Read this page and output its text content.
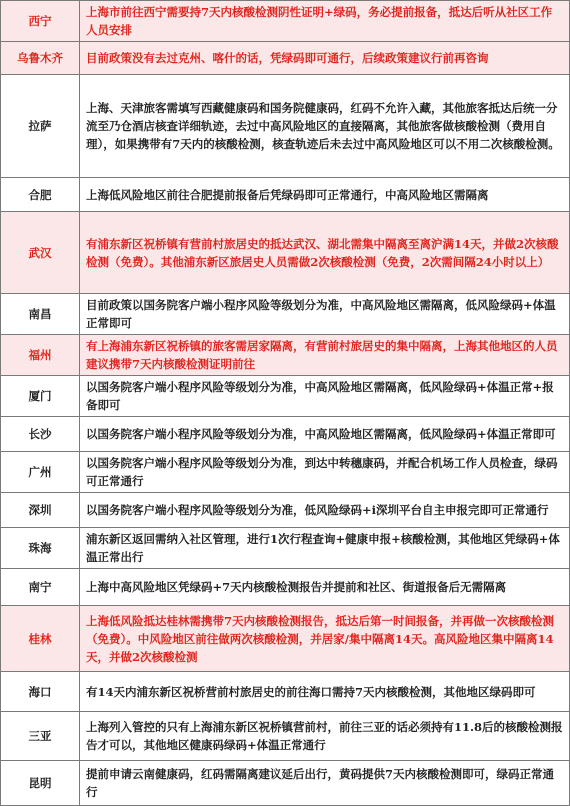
西宁	上海市前往西宁需要持7天内核酸检测阴性证明+绿码，务必提前报备，抵达后听从社区工作人员安排
乌鲁木齐	目前政策没有去过克州、喀什的话，凭绿码即可通行，后续政策建议行前再咨询
拉萨	上海、天津旅客需填写西藏健康码和国务院健康码，红码不允许入藏，其他旅客抵达后统一分流至乃仓酒店核查详细轨迹，去过中高风险地区的直接隔离，其他旅客做核酸检测（费用自理），如果携带有7天内的核酸检测，核查轨迹后未去过中高风险地区可以不用二次核酸检测。
合肥	上海低风险地区前往合肥提前报备后凭绿码即可正常通行，中高风险地区需隔离
武汉	有浦东新区祝桥镇有营前村旅居史的抵达武汉、湖北需集中隔离至离沪满14天，并做2次核酸检测（免费）。其他浦东新区旅居史人员需做2次核酸检测（免费，2次需间隔24小时以上）
南昌	目前政策以国务院客户端小程序风险等级划分为准，中高风险地区需隔离，低风险绿码+体温正常即可
福州	有上海浦东新区祝桥镇的旅客需居家隔离，有营前村旅居史的集中隔离，上海其他地区的人员建议携带7天内核酸检测证明前往
厦门	以国务院客户端小程序风险等级划分为准，中高风险地区需隔离，低风险绿码+体温正常+报备即可
长沙	以国务院客户端小程序风险等级划分为准，中高风险地区需隔离，低风险绿码+体温正常即可
广州	以国务院客户端小程序风险等级划分为准，到达中转穗康码，并配合机场工作人员检查，绿码可正常通行
深圳	以国务院客户端小程序风险等级划分为准，低风险绿码+i深圳平台自主申报完即可正常通行
珠海	浦东新区返回需纳入社区管理，进行1次行程查询+健康申报+核酸检测，其他地区凭绿码+体温正常出行
南宁	上海中高风险地区凭绿码+7天内核酸检测报告并提前和社区、街道报备后无需隔离
桂林	上海低风险抵达桂林需携带7天内核酸检测报告，抵达后第一时间报备，并再做一次核酸检测（免费）。中风险地区前往做两次核酸检测，并居家/集中隔离14天。高风险地区集中隔离14天，并做2次核酸检测
海口	有14天内浦东新区祝桥营前村旅居史的前往海口需持7天内核酸检测，其他地区绿码即可
三亚	上海列入管控的只有上海浦东新区祝桥镇营前村，前往三亚的话必须持有11.8后的核酸检测报告才可以，其他地区健康码绿码+体温正常通行
昆明	提前申请云南健康码，红码需隔离建议延后出行，黄码提供7天内核酸检测即可，绿码正常通行
